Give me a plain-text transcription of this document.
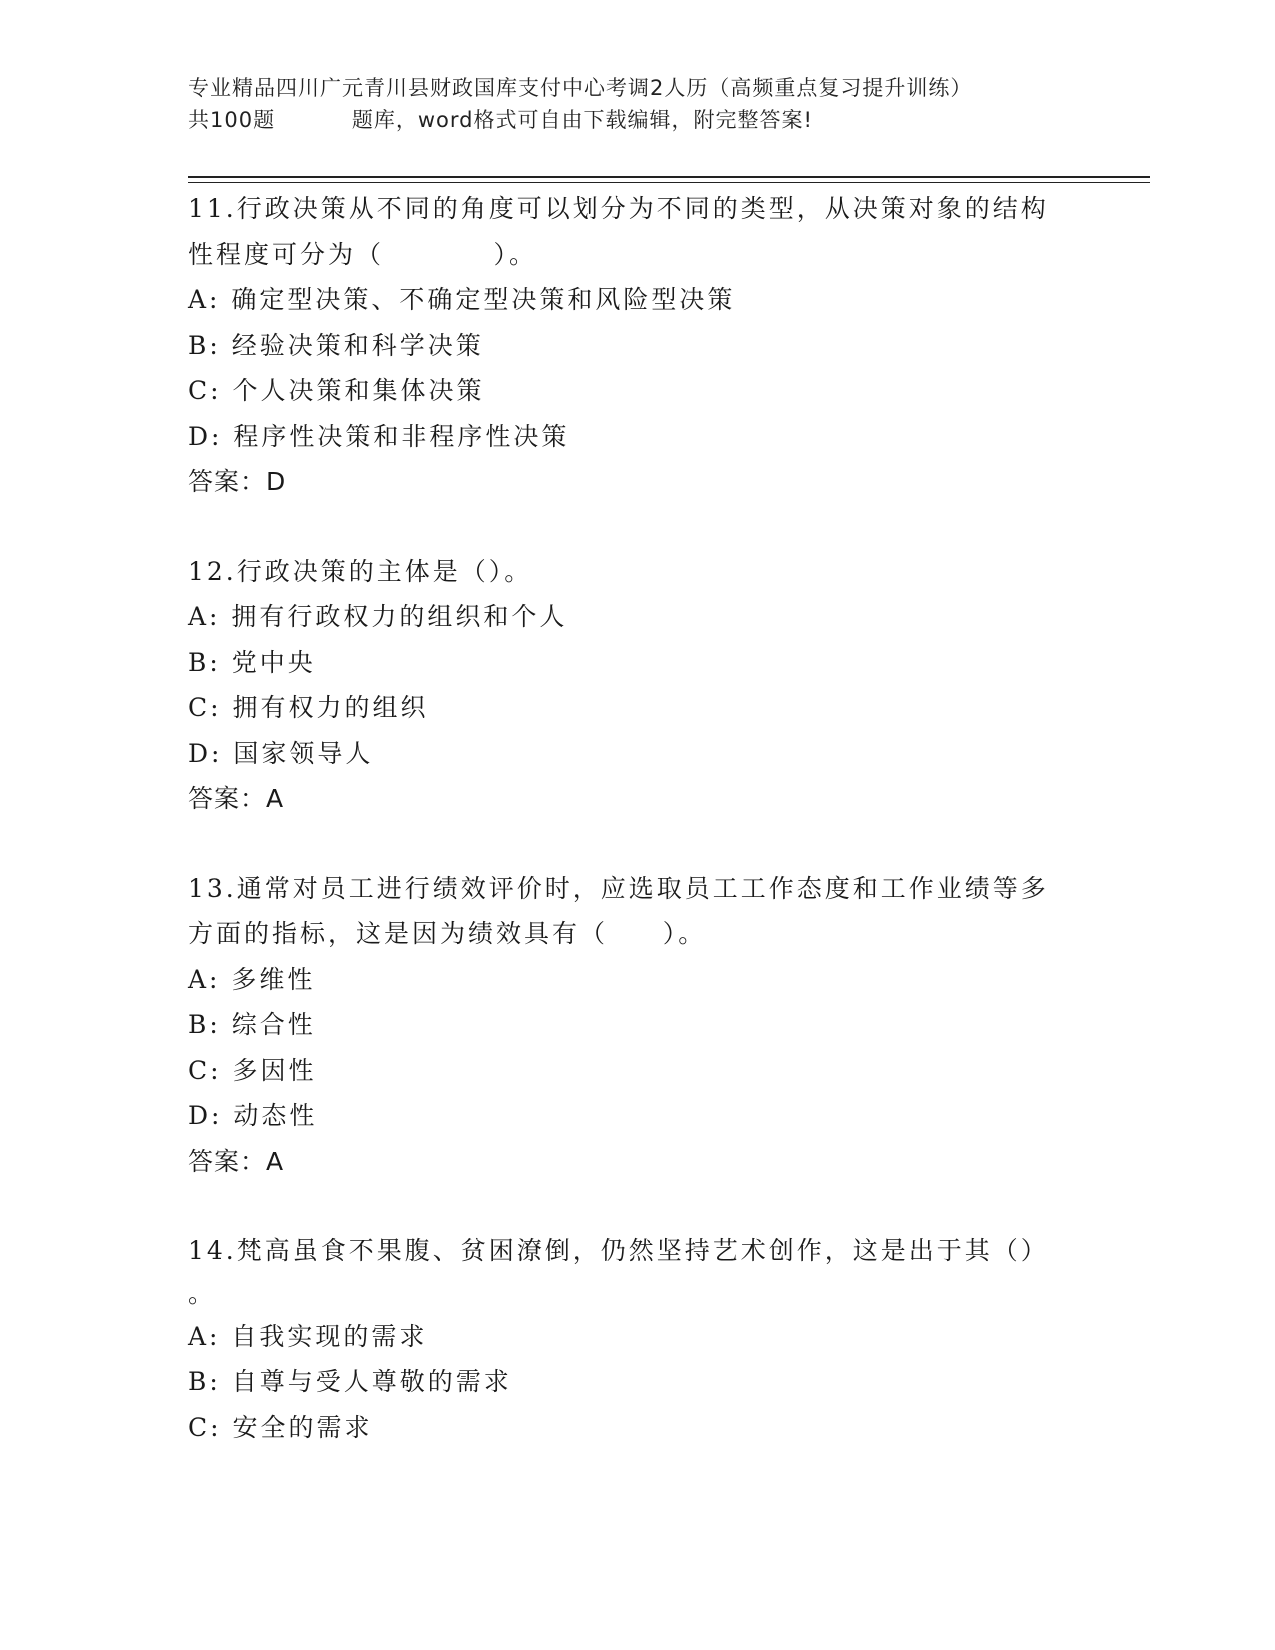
专业精品四川广元青川县财政国库支付中心考调2人历（高频重点复习提升训练）
共100题          题库，word格式可自由下载编辑，附完整答案!
11.行政决策从不同的角度可以划分为不同的类型，从决策对象的结构
性程度可分为（          ）。
A: 确定型决策、不确定型决策和风险型决策
B: 经验决策和科学决策
C: 个人决策和集体决策
D: 程序性决策和非程序性决策
答案：D
12.行政决策的主体是（）。
A: 拥有行政权力的组织和个人
B: 党中央
C: 拥有权力的组织
D: 国家领导人
答案：A
13.通常对员工进行绩效评价时，应选取员工工作态度和工作业绩等多
方面的指标，这是因为绩效具有（     ）。
A: 多维性
B: 综合性
C: 多因性
D: 动态性
答案：A
14.梵高虽食不果腹、贫困潦倒，仍然坚持艺术创作，这是出于其（）
。
A: 自我实现的需求
B: 自尊与受人尊敬的需求
C: 安全的需求
